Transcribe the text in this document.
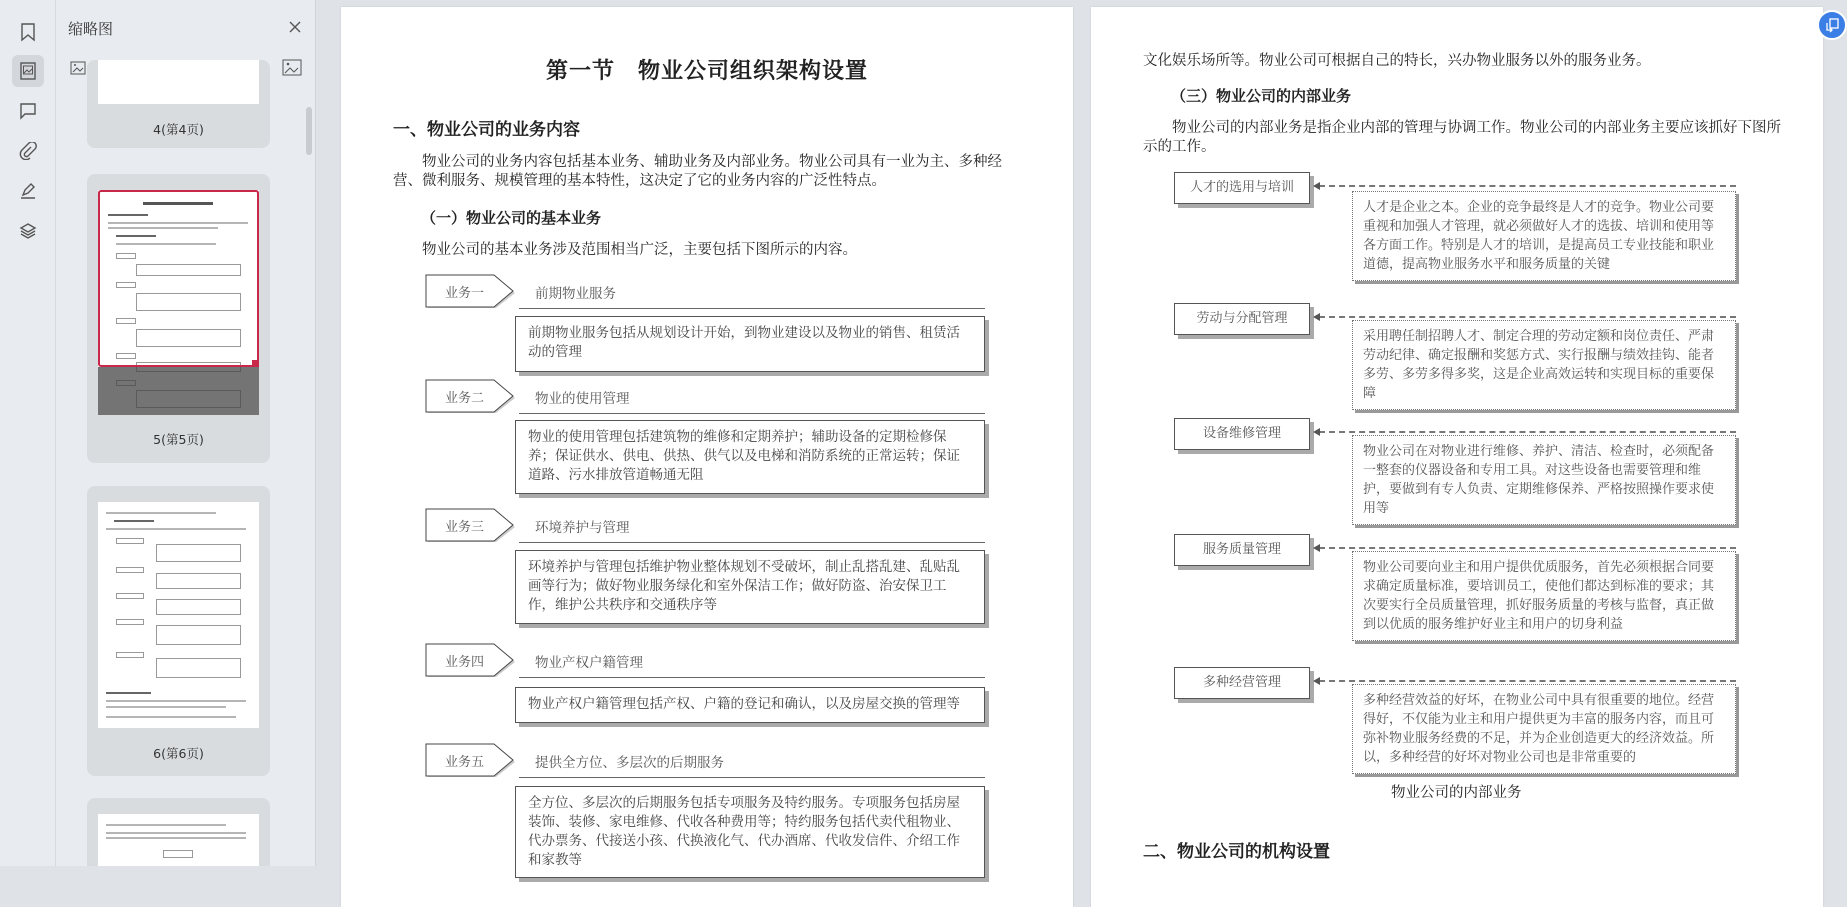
缩略图
4(第4页)
5(第5页)
6(第6页)
第一节　物业公司组织架构设置
一、物业公司的业务内容
物业公司的业务内容包括基本业务、辅助业务及内部业务。物业公司具有一业为主、多种经营、微利服务、规模管理的基本特性，这决定了它的业务内容的广泛性特点。
（一）物业公司的基本业务
物业公司的基本业务涉及范围相当广泛，主要包括下图所示的内容。
业务一	前期物业服务
前期物业服务包括从规划设计开始，到物业建设以及物业的销售、租赁活动的管理
业务二	物业的使用管理
物业的使用管理包括建筑物的维修和定期养护；辅助设备的定期检修保养；保证供水、供电、供热、供气以及电梯和消防系统的正常运转；保证道路、污水排放管道畅通无阻
业务三	环境养护与管理
环境养护与管理包括维护物业整体规划不受破坏，制止乱搭乱建、乱贴乱画等行为；做好物业服务绿化和室外保洁工作；做好防盗、治安保卫工作，维护公共秩序和交通秩序等
业务四	物业产权户籍管理
物业产权户籍管理包括产权、户籍的登记和确认，以及房屋交换的管理等
业务五	提供全方位、多层次的后期服务
全方位、多层次的后期服务包括专项服务及特约服务。专项服务包括房屋装饰、装修、家电维修、代收各种费用等；特约服务包括代卖代租物业、代办票务、代接送小孩、代换液化气、代办酒席、代收发信件、介绍工作和家教等
文化娱乐场所等。物业公司可根据自己的特长，兴办物业服务以外的服务业务。
（三）物业公司的内部业务
物业公司的内部业务是指企业内部的管理与协调工作。物业公司的内部业务主要应该抓好下图所示的工作。
人才的选用与培训
人才是企业之本。企业的竞争最终是人才的竞争。物业公司要重视和加强人才管理，就必须做好人才的选拔、培训和使用等各方面工作。特别是人才的培训，是提高员工专业技能和职业道德，提高物业服务水平和服务质量的关键
劳动与分配管理
采用聘任制招聘人才、制定合理的劳动定额和岗位责任、严肃劳动纪律、确定报酬和奖惩方式、实行报酬与绩效挂钩、能者多劳、多劳多得多奖，这是企业高效运转和实现目标的重要保障
设备维修管理
物业公司在对物业进行维修、养护、清洁、检查时，必须配备一整套的仪器设备和专用工具。对这些设备也需要管理和维护，要做到有专人负责、定期维修保养、严格按照操作要求使用等
服务质量管理
物业公司要向业主和用户提供优质服务，首先必须根据合同要求确定质量标准，要培训员工，使他们都达到标准的要求；其次要实行全员质量管理，抓好服务质量的考核与监督，真正做到以优质的服务维护好业主和用户的切身利益
多种经营管理
多种经营效益的好坏，在物业公司中具有很重要的地位。经营得好，不仅能为业主和用户提供更为丰富的服务内容，而且可弥补物业服务经费的不足，并为企业创造更大的经济效益。所以，多种经营的好坏对物业公司也是非常重要的
物业公司的内部业务
二、物业公司的机构设置
